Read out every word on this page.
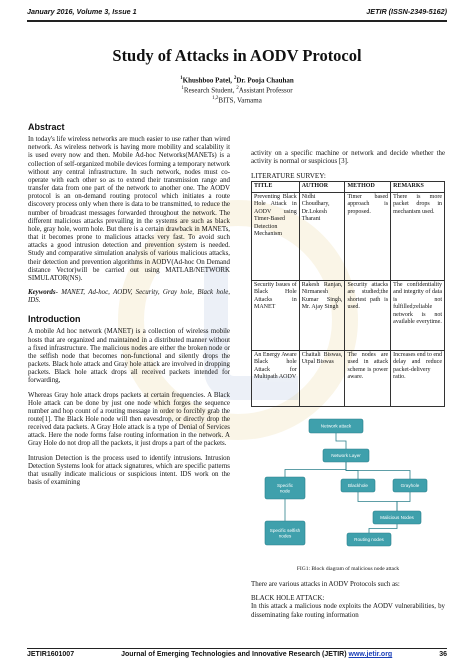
January 2016, Volume 3, Issue 1	JETIR (ISSN-2349-5162)
Study of Attacks in AODV Protocol
$^1$Khushboo Patel, $^2$Dr. Pooja Chauhan
$^1$Research Student, $^2$Assistant Professor
$^{1,2}$BITS, Varnama
Abstract
In today's life wireless networks are much easier to use rather than wired network. As wireless network is having more mobility and scalability it is used every now and then. Mobile Ad-hoc Networks(MANETs) is a collection of self-organized mobile devices forming a temporary network without any central infrastructure. In such network, nodes must co-operate with each other so as to extend their transmission range and transfer data from one part of the network to another one. The AODV protocol is an on-demand routing protocol which initiates a route discovery process only when there is data to be transmitted, to reduce the number of broadcast messages forwarded throughout the network. The different malicious attacks prevailing in the systems are such as black hole, gray hole, worm hole. But there is a certain drawback in MANETs, that it becomes prone to malicious attacks very fast. To avoid such attacks a good intrusion detection and prevention system is needed. Study and comparative simulation analysis of various malicious attacks, their detection and prevention algorithms in AODV(Ad-hoc On Demand distance Vector)will be carried out using MATLAB/NETWORK SIMULATOR(NS).
Keywords- MANET, Ad-hoc, AODV, Security, Gray hole, Black hole, IDS.
Introduction
A mobile Ad hoc network (MANET) is a collection of wireless mobile hosts that are organized and maintained in a distributed manner without a fixed infrastructure. The malicious nodes are either the broken node or the selfish node that becomes non-functional and silently drops the packets. Black hole attack and Gray hole attack are involved in dropping packets. Black hole attack drops all received packets intended for forwarding,
Whereas Gray hole attack drops packets at certain frequencies. A Black Hole attack can be done by just one node which forges the sequence number and hop count of a routing message in order to forcibly grab the route[1]. The Black Hole node will then eavesdrop, or directly drop the received data packets. A Gray Hole attack is a type of Denial of Services attack. Here the node forms false routing information in the network. A Gray Hole do not drop all the packets, it just drops a part of the packets.
Intrusion Detection is the process used to identify intrusions. Intrusion Detection Systems look for attack signatures, which are specific patterns that usually indicate malicious or suspicious intent. IDS work on the basis of examining
activity on a specific machine or network and decide whether the activity is normal or suspicious [3].
LITERATURE SURVEY:
TITLE	AUTHOR	METHOD	REMARKS
Preventing Black Hole Attack in AODV using Timer-Based Detection Mechanism	Nidhi Choudhary, Dr.Lokesh Tharani	Timer based approach is proposed.	There is more packet drops in mechanism used.
Security Issues of Black Hole Attacks in MANET	Rakesh Ranjan, Nirmanesh Kumar Singh, Mr. Ajay Singh	Security attacks are studied;the shortest path is used.	The confidentiality and integrity of data is not fulfilled;reliable network is not available everytime.
An Energy Aware Black hole Attack for Multipath AODV	Chaitali Biswas, Utpal Biswas	The nodes are used in attack scheme is power aware.	Increases end to end delay and reduce packet-delivery ratio.
Network attack
Network Layer
Specific node
Blackhole	Grayhole
Malicious Nodes
Specific selfish nodes
Routing nodes
FIG1: Block diagram of malicious node attack
There are various attacks in AODV Protocols such as:
BLACK HOLE ATTACK:
In this attack a malicious node exploits the AODV vulnerabilities, by disseminating fake routing information
JETIR1601007	Journal of Emerging Technologies and Innovative Research (JETIR) www.jetir.org	36
